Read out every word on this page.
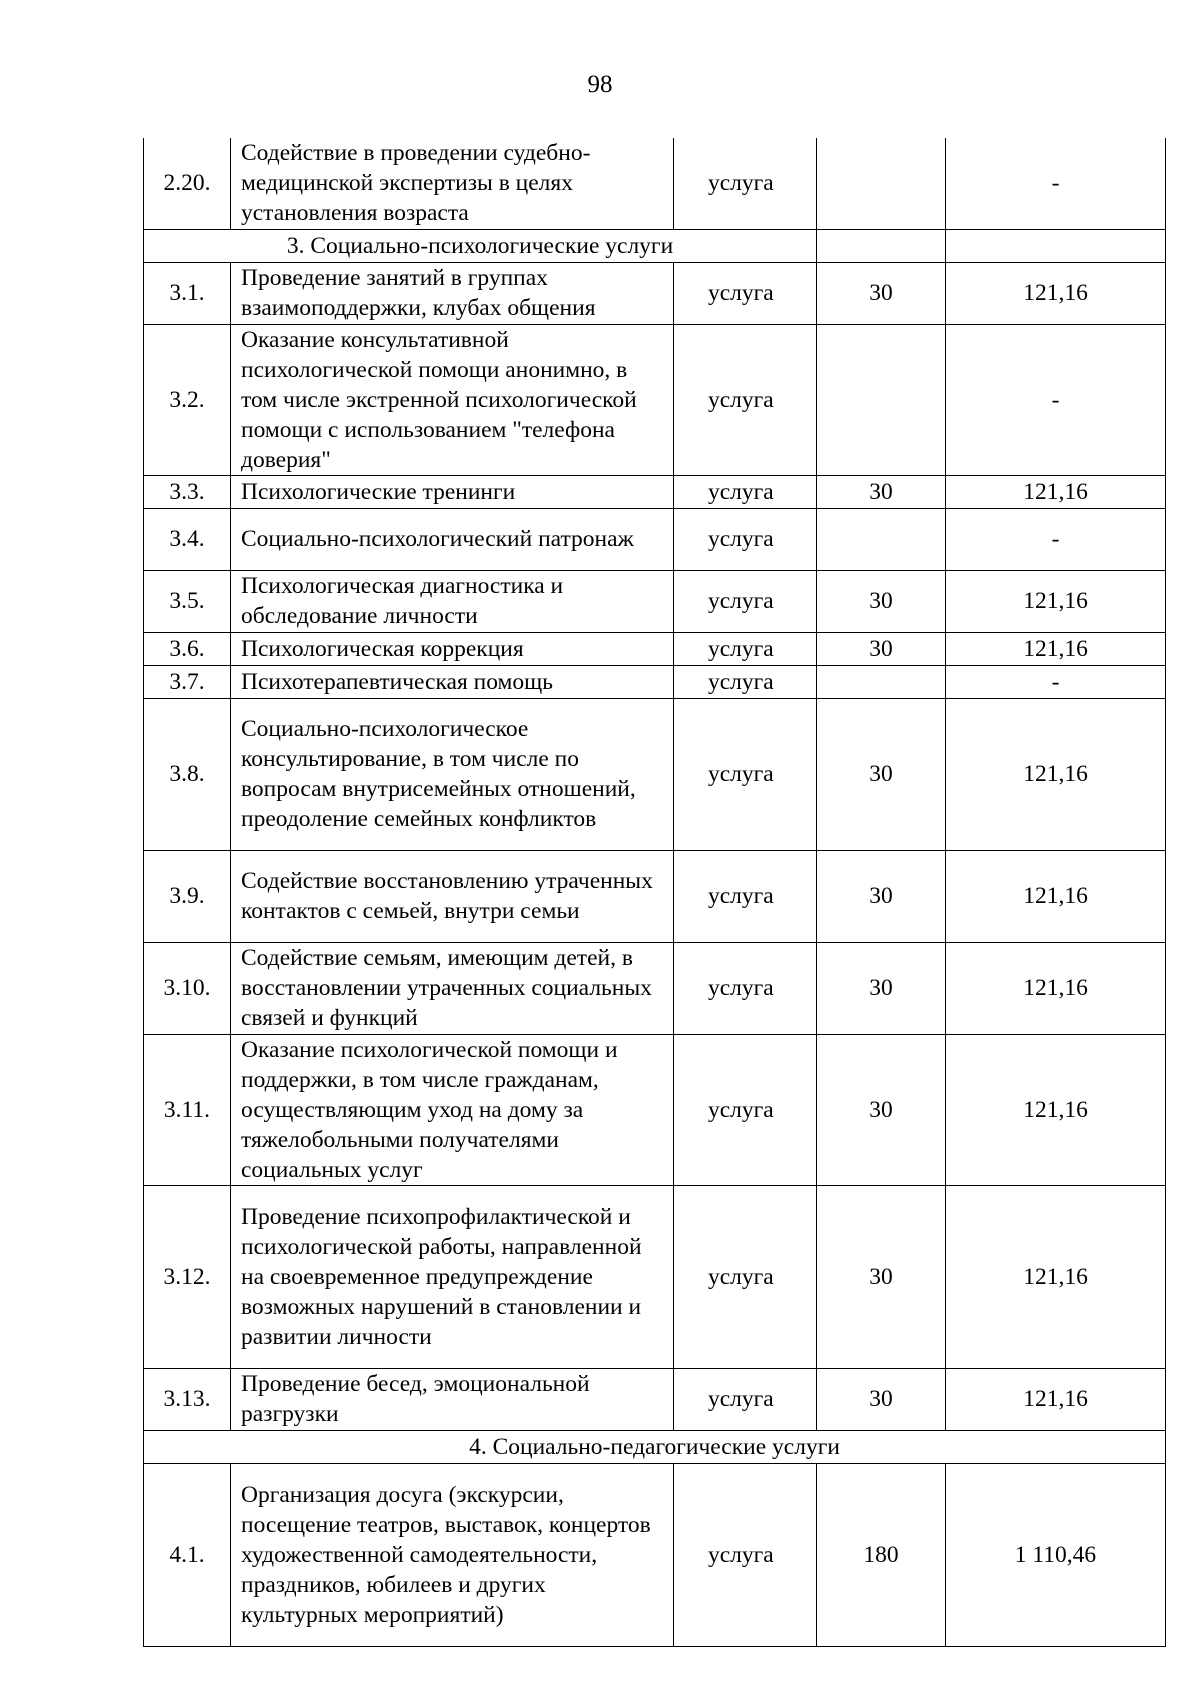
98
2.20.	Содействие в проведении судебно-медицинской экспертизы в целях установления возраста	услуга		-
3. Социально-психологические услуги				
3.1.	Проведение занятий в группах взаимоподдержки, клубах общения	услуга	30	121,16
3.2.	Оказание консультативной психологической помощи анонимно, в том числе экстренной психологической помощи с использованием "телефона доверия"	услуга		-
3.3.	Психологические тренинги	услуга	30	121,16
3.4.	Социально-психологический патронаж	услуга		-
3.5.	Психологическая диагностика и обследование личности	услуга	30	121,16
3.6.	Психологическая коррекция	услуга	30	121,16
3.7.	Психотерапевтическая помощь	услуга		-
3.8.	Социально-психологическое консультирование, в том числе по вопросам внутрисемейных отношений, преодоление семейных конфликтов	услуга	30	121,16
3.9.	Содействие восстановлению утраченных контактов с семьей, внутри семьи	услуга	30	121,16
3.10.	Содействие семьям, имеющим детей, в восстановлении утраченных социальных связей и функций	услуга	30	121,16
3.11.	Оказание психологической помощи и поддержки, в том числе гражданам, осуществляющим уход на дому за тяжелобольными получателями социальных услуг	услуга	30	121,16
3.12.	Проведение психопрофилактической и психологической работы, направленной на своевременное предупреждение возможных нарушений в становлении и развитии личности	услуга	30	121,16
3.13.	Проведение бесед, эмоциональной разгрузки	услуга	30	121,16
4. Социально-педагогические услуги				
4.1.	Организация досуга (экскурсии, посещение театров, выставок, концертов художественной самодеятельности, праздников, юбилеев и других культурных мероприятий)	услуга	180	1 110,46
